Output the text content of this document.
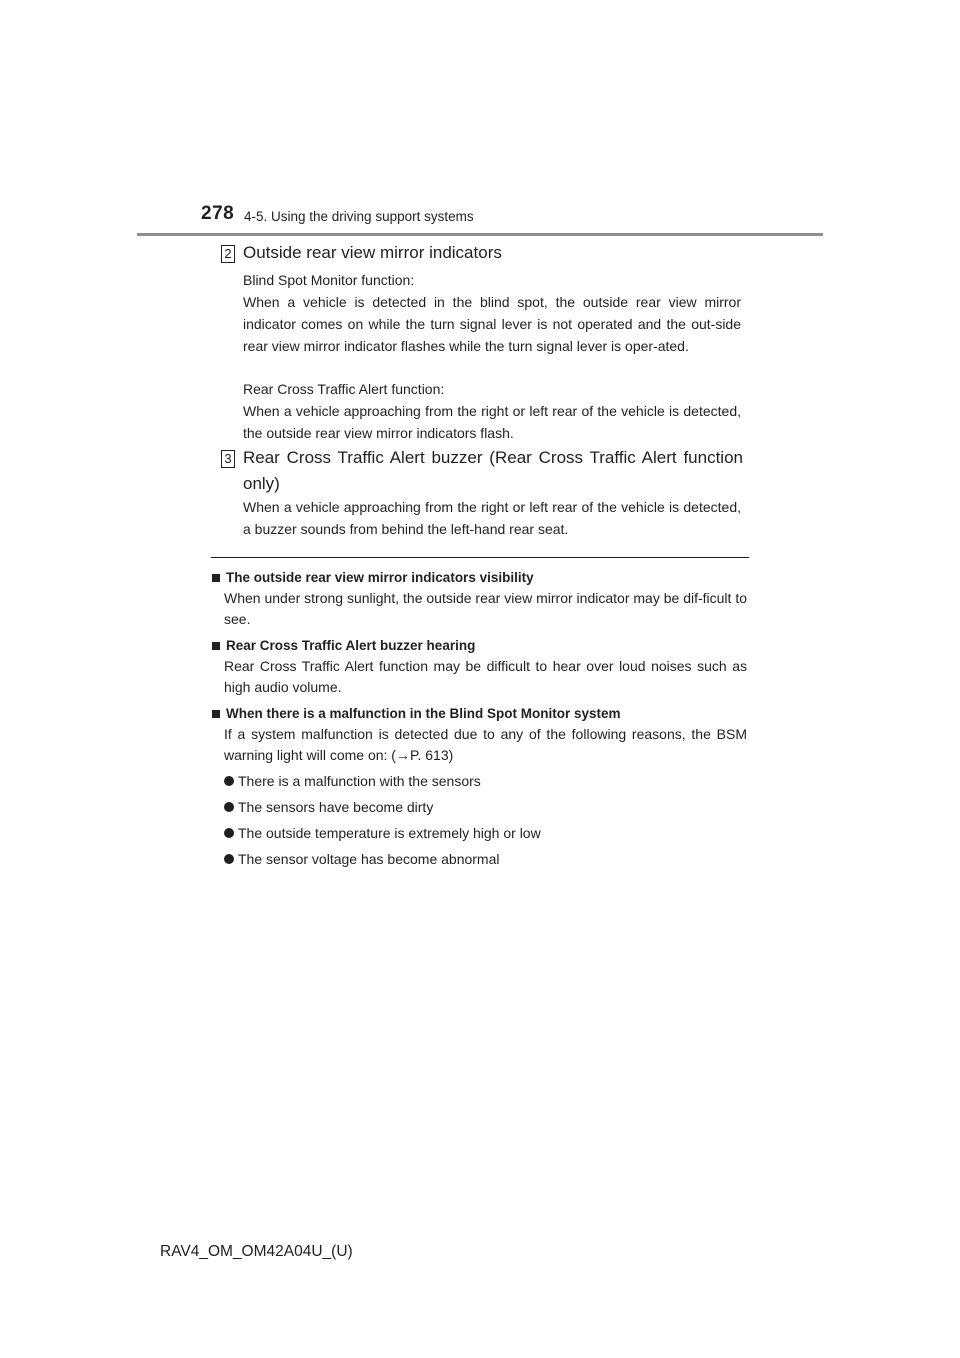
278 4-5. Using the driving support systems
2 Outside rear view mirror indicators

Blind Spot Monitor function:

When a vehicle is detected in the blind spot, the outside rear view mirror indicator comes on while the turn signal lever is not operated and the out-side rear view mirror indicator flashes while the turn signal lever is oper-ated.

Rear Cross Traffic Alert function:

When a vehicle approaching from the right or left rear of the vehicle is detected, the outside rear view mirror indicators flash.

3 Rear Cross Traffic Alert buzzer (Rear Cross Traffic Alert function only)
When a vehicle approaching from the right or left rear of the vehicle is detected, a buzzer sounds from behind the left-hand rear seat.
The outside rear view mirror indicators visibility
When under strong sunlight, the outside rear view mirror indicator may be dif-ficult to see.
Rear Cross Traffic Alert buzzer hearing
Rear Cross Traffic Alert function may be difficult to hear over loud noises such as high audio volume.
When there is a malfunction in the Blind Spot Monitor system
If a system malfunction is detected due to any of the following reasons, the BSM warning light will come on: (→P. 613)
There is a malfunction with the sensors
The sensors have become dirty
The outside temperature is extremely high or low
The sensor voltage has become abnormal
RAV4_OM_OM42A04U_(U)
